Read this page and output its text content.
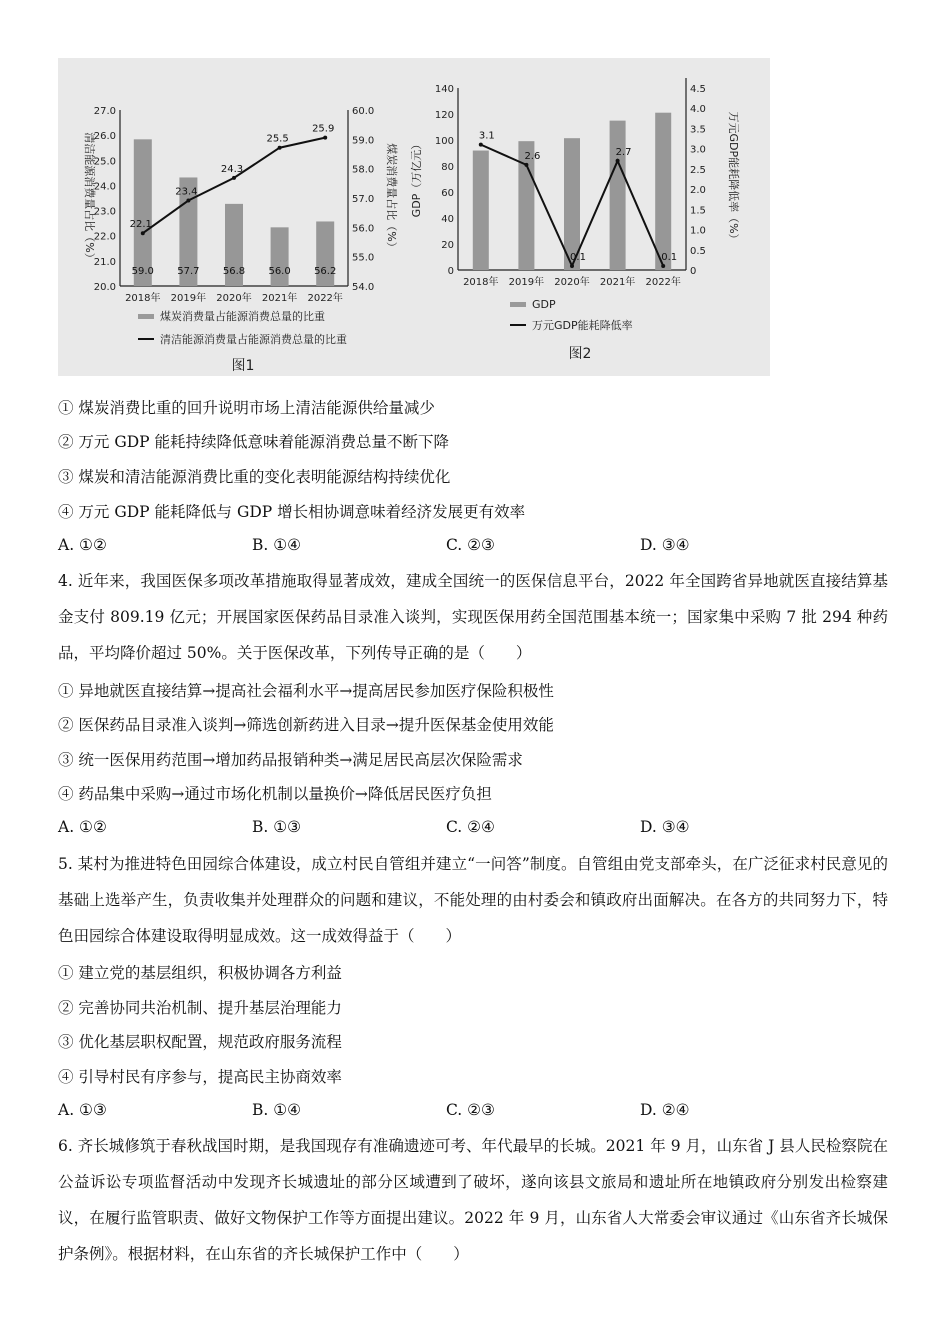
清洁能源消费量占比（%）	煤炭消费量占比（%）
20.0
21.0
22.0
23.0
24.0
25.0
26.0
27.0
54.0
55.0
56.0
57.0
58.0
59.0
60.0
59.0 57.7 56.8 56.0 56.2
22.1
23.4
24.3
25.5
25.9
2018年 2019年 2020年 2021年 2022年
煤炭消费量占能源消费总量的比重
清洁能源消费量占能源消费总量的比重
图1
GDP（万亿元）	万元GDP能耗降低率（%）
0
20
40
60
80
100
120
140
0
0.5
1.0
1.5
2.0
2.5
3.0
3.5
4.0
4.5
3.1
2.6
0.1
2.7
0.1
2018年 2019年 2020年 2021年 2022年
GDP
万元GDP能耗降低率
图2
① 煤炭消费比重的回升说明市场上清洁能源供给量减少
② 万元 GDP 能耗持续降低意味着能源消费总量不断下降
③ 煤炭和清洁能源消费比重的变化表明能源结构持续优化
④ 万元 GDP 能耗降低与 GDP 增长相协调意味着经济发展更有效率
A. ①②	B. ①④	C. ②③	D. ③④
4. 近年来，我国医保多项改革措施取得显著成效，建成全国统一的医保信息平台，2022 年全国跨省异地就医直接结算基金支付 809.19 亿元；开展国家医保药品目录准入谈判，实现医保用药全国范围基本统一；国家集中采购 7 批 294 种药品，平均降价超过 50%。关于医保改革，下列传导正确的是（　　）
① 异地就医直接结算→提高社会福利水平→提高居民参加医疗保险积极性
② 医保药品目录准入谈判→筛选创新药进入目录→提升医保基金使用效能
③ 统一医保用药范围→增加药品报销种类→满足居民高层次保险需求
④ 药品集中采购→通过市场化机制以量换价→降低居民医疗负担
A. ①②	B. ①③	C. ②④	D. ③④
5. 某村为推进特色田园综合体建设，成立村民自管组并建立“一问答”制度。自管组由党支部牵头，在广泛征求村民意见的基础上选举产生，负责收集并处理群众的问题和建议，不能处理的由村委会和镇政府出面解决。在各方的共同努力下，特色田园综合体建设取得明显成效。这一成效得益于（　　）
① 建立党的基层组织，积极协调各方利益
② 完善协同共治机制、提升基层治理能力
③ 优化基层职权配置，规范政府服务流程
④ 引导村民有序参与，提高民主协商效率
A. ①③	B. ①④	C. ②③	D. ②④
6. 齐长城修筑于春秋战国时期，是我国现存有准确遗迹可考、年代最早的长城。2021 年 9 月，山东省 J 县人民检察院在公益诉讼专项监督活动中发现齐长城遗址的部分区域遭到了破坏，遂向该县文旅局和遗址所在地镇政府分别发出检察建议，在履行监管职责、做好文物保护工作等方面提出建议。2022 年 9 月，山东省人大常委会审议通过《山东省齐长城保护条例》。根据材料，在山东省的齐长城保护工作中（　　）
